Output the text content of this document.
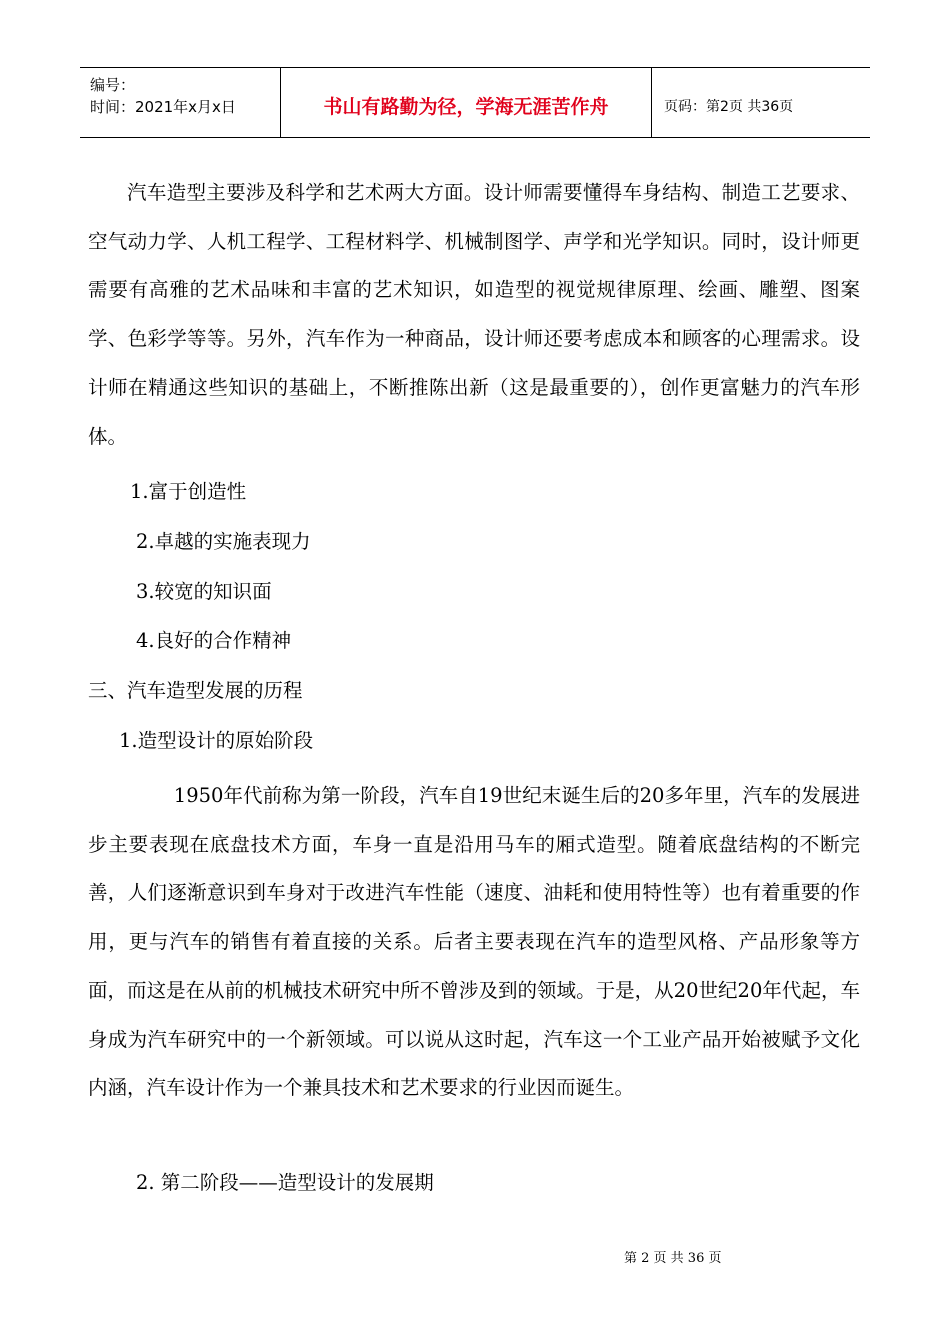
编号：
时间：2021年x月x日	书山有路勤为径，学海无涯苦作舟	页码：第2页 共36页

汽车造型主要涉及科学和艺术两大方面。设计师需要懂得车身结构、制造工艺要求、空气动力学、人机工程学、工程材料学、机械制图学、声学和光学知识。同时，设计师更需要有高雅的艺术品味和丰富的艺术知识，如造型的视觉规律原理、绘画、雕塑、图案学、色彩学等等。另外，汽车作为一种商品，设计师还要考虑成本和顾客的心理需求。设计师在精通这些知识的基础上，不断推陈出新（这是最重要的），创作更富魅力的汽车形体。

1.富于创造性
2.卓越的实施表现力
3.较宽的知识面
4.良好的合作精神
三、汽车造型发展的历程
1.造型设计的原始阶段

1950年代前称为第一阶段，汽车自19世纪末诞生后的20多年里，汽车的发展进步主要表现在底盘技术方面，车身一直是沿用马车的厢式造型。随着底盘结构的不断完善，人们逐渐意识到车身对于改进汽车性能（速度、油耗和使用特性等）也有着重要的作用，更与汽车的销售有着直接的关系。后者主要表现在汽车的造型风格、产品形象等方面，而这是在从前的机械技术研究中所不曾涉及到的领域。于是，从20世纪20年代起，车身成为汽车研究中的一个新领域。可以说从这时起，汽车这一个工业产品开始被赋予文化内涵，汽车设计作为一个兼具技术和艺术要求的行业因而诞生。

2. 第二阶段——造型设计的发展期
第 2 页 共 36 页
